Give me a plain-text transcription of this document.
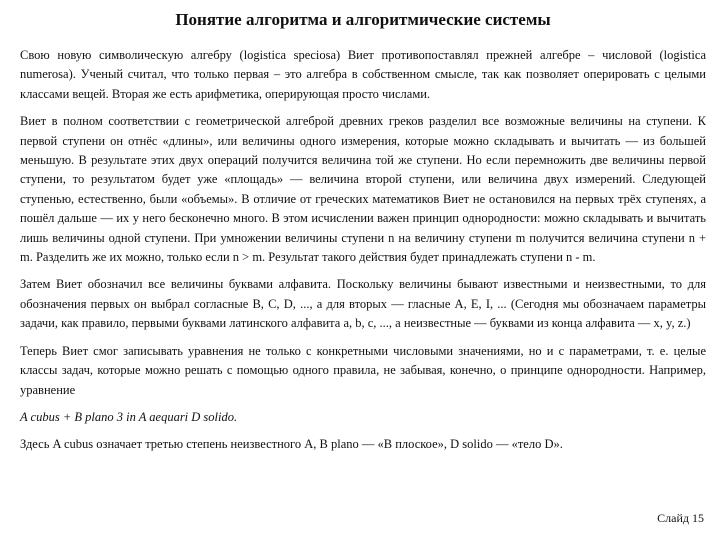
Понятие алгоритма и алгоритмические системы

Свою новую символическую алгебру (logistica speciosa) Виет противопоставлял прежней алгебре – числовой (logistica numerosa). Ученый считал, что только первая – это алгебра в собственном смысле, так как позволяет оперировать с целыми классами вещей. Вторая же есть арифметика, оперирующая просто числами.

Виет в полном соответствии с геометрической алгеброй древних греков разделил все возможные величины на ступени. К первой ступени он отнёс «длины», или величины одного измерения, которые можно складывать и вычитать — из большей меньшую. В результате этих двух операций получится величина той же ступени. Но если перемножить две величины первой ступени, то результатом будет уже «площадь» — величина второй ступени, или величина двух измерений. Следующей ступенью, естественно, были «объемы». В отличие от греческих математиков Виет не остановился на первых трёх ступенях, а пошёл дальше — их у него бесконечно много. В этом исчислении важен принцип однородности: можно складывать и вычитать лишь величины одной ступени. При умножении величины ступени n на величину ступени m получится величина ступени n + m. Разделить же их можно, только если n > m. Результат такого действия будет принадлежать ступени n - m.

Затем Виет обозначил все величины буквами алфавита. Поскольку величины бывают известными и неизвестными, то для обозначения первых он выбрал согласные B, C, D, ..., а для вторых — гласные A, E, I, ... (Сегодня мы обозначаем параметры задачи, как правило, первыми буквами латинского алфавита a, b, c, ..., а неизвестные — буквами из конца алфавита — x, y, z.)

Теперь Виет смог записывать уравнения не только с конкретными числовыми значениями, но и с параметрами, т. е. целые классы задач, которые можно решать с помощью одного правила, не забывая, конечно, о принципе однородности. Например, уравнение

A cubus + B plano 3 in A aequari D solido.

Здесь A cubus означает третью степень неизвестного A, B plano — «B плоское», D solido — «тело D».

Слайд 15
